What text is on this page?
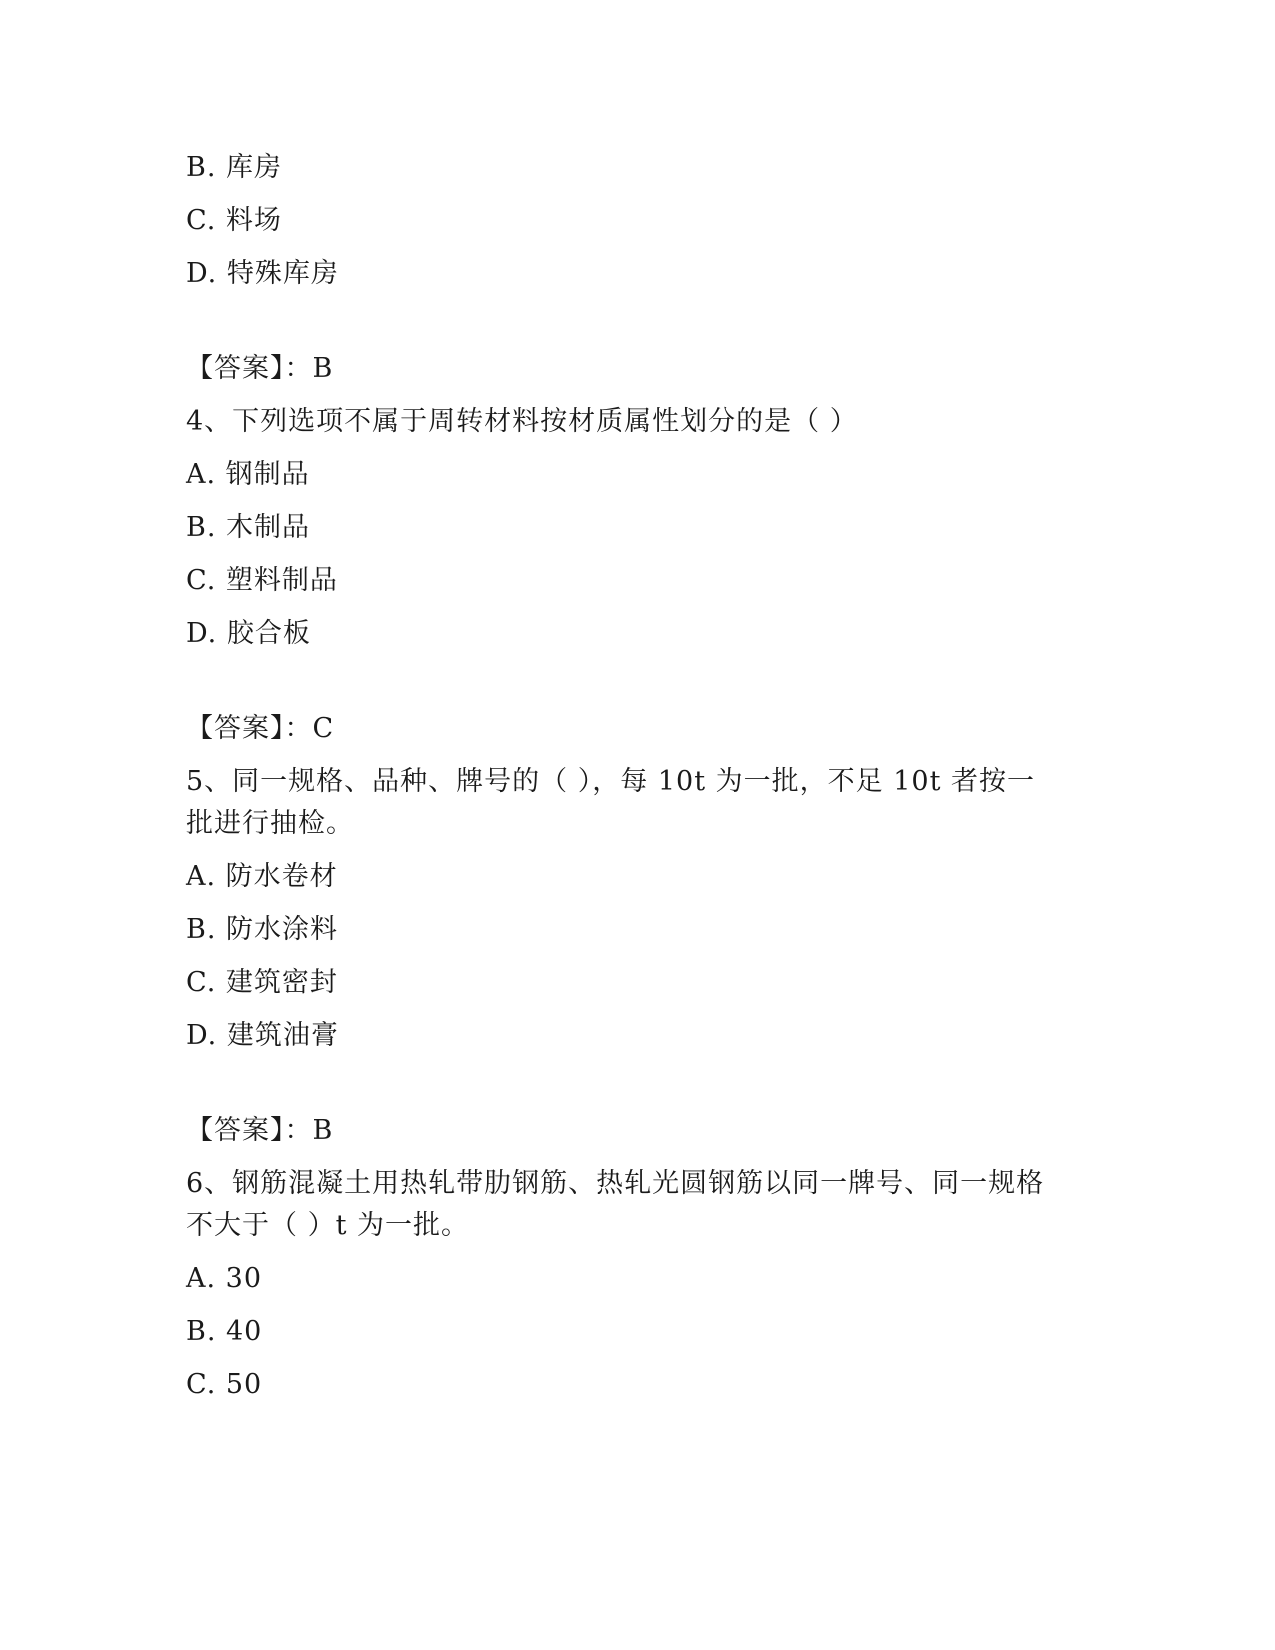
B. 库房
C. 料场
D. 特殊库房
【答案】：B
4、下列选项不属于周转材料按材质属性划分的是（ ）
A. 钢制品
B. 木制品
C. 塑料制品
D. 胶合板
【答案】：C
5、同一规格、品种、牌号的（ ），每 10t 为一批，不足 10t 者按一
批进行抽检。
A. 防水卷材
B. 防水涂料
C. 建筑密封
D. 建筑油膏
【答案】：B
6、钢筋混凝土用热轧带肋钢筋、热轧光圆钢筋以同一牌号、同一规格
不大于（ ）t 为一批。
A. 30
B. 40
C. 50
